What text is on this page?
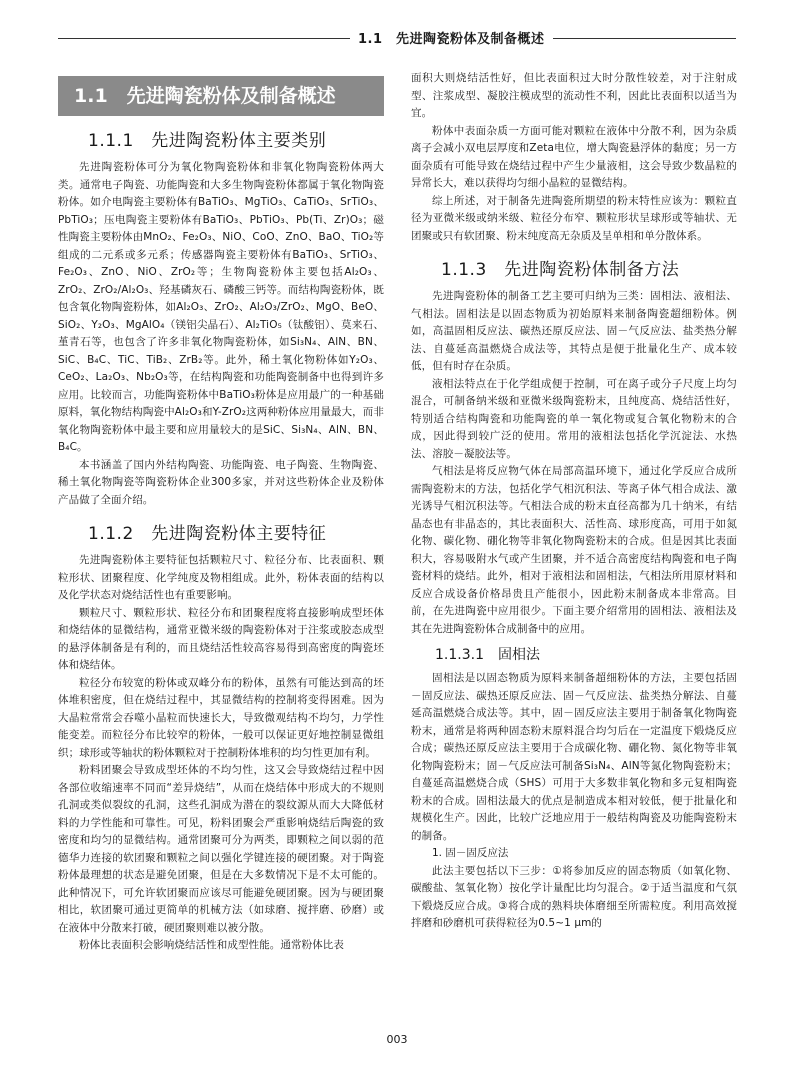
1.1　先进陶瓷粉体及制备概述
1.1　先进陶瓷粉体及制备概述
1.1.1　先进陶瓷粉体主要类别

先进陶瓷粉体可分为氧化物陶瓷粉体和非氧化物陶瓷粉体两大类。通常电子陶瓷、功能陶瓷和大多生物陶瓷粉体都属于氧化物陶瓷粉体。如介电陶瓷主要粉体有BaTiO₃、MgTiO₃、CaTiO₃、SrTiO₃、PbTiO₃；压电陶瓷主要粉体有BaTiO₃、PbTiO₃、Pb(Ti、Zr)O₃；磁性陶瓷主要粉体由MnO₂、Fe₂O₃、NiO、CoO、ZnO、BaO、TiO₂等组成的二元系或多元系；传感器陶瓷主要粉体有BaTiO₃、SrTiO₃、Fe₂O₃、ZnO、NiO、ZrO₂等；生物陶瓷粉体主要包括Al₂O₃、ZrO₂、ZrO₂/Al₂O₃、羟基磷灰石、磷酸三钙等。而结构陶瓷粉体，既包含氧化物陶瓷粉体，如Al₂O₃、ZrO₂、Al₂O₃/ZrO₂、MgO、BeO、SiO₂、Y₂O₃、MgAlO₄（镁铝尖晶石）、Al₂TiO₅（钛酸铝）、莫来石、堇青石等，也包含了许多非氧化物陶瓷粉体，如Si₃N₄、AlN、BN、SiC、B₄C、TiC、TiB₂、ZrB₂等。此外，稀土氧化物粉体如Y₂O₃、CeO₂、La₂O₃、Nb₂O₃等，在结构陶瓷和功能陶瓷制备中也得到许多应用。比较而言，功能陶瓷粉体中BaTiO₃粉体是应用最广的一种基础原料，氧化物结构陶瓷中Al₂O₃和Y-ZrO₂这两种粉体应用量最大，而非氧化物陶瓷粉体中最主要和应用量较大的是SiC、Si₃N₄、AlN、BN、B₄C。

本书涵盖了国内外结构陶瓷、功能陶瓷、电子陶瓷、生物陶瓷、稀土氧化物陶瓷等陶瓷粉体企业300多家，并对这些粉体企业及粉体产品做了全面介绍。

1.1.2　先进陶瓷粉体主要特征

先进陶瓷粉体主要特征包括颗粒尺寸、粒径分布、比表面积、颗粒形状、团聚程度、化学纯度及物相组成。此外，粉体表面的结构以及化学状态对烧结活性也有重要影响。

颗粒尺寸、颗粒形状、粒径分布和团聚程度将直接影响成型坯体和烧结体的显微结构，通常亚微米级的陶瓷粉体对于注浆或胶态成型的悬浮体制备是有利的，而且烧结活性较高容易得到高密度的陶瓷坯体和烧结体。

粒径分布较宽的粉体或双峰分布的粉体，虽然有可能达到高的坯体堆积密度，但在烧结过程中，其显微结构的控制将变得困难。因为大晶粒常常会吞噬小晶粒而快速长大，导致微观结构不均匀，力学性能变差。而粒径分布比较窄的粉体，一般可以保证更好地控制显微组织；球形或等轴状的粉体颗粒对于控制粉体堆积的均匀性更加有利。

粉料团聚会导致成型坯体的不均匀性，这又会导致烧结过程中因各部位收缩速率不同而“差异烧结”，从而在烧结体中形成大的不规则孔洞或类似裂纹的孔洞，这些孔洞成为潜在的裂纹源从而大大降低材料的力学性能和可靠性。可见，粉料团聚会严重影响烧结后陶瓷的致密度和均匀的显微结构。通常团聚可分为两类，即颗粒之间以弱的范德华力连接的软团聚和颗粒之间以强化学键连接的硬团聚。对于陶瓷粉体最理想的状态是避免团聚，但是在大多数情况下是不太可能的。此种情况下，可允许软团聚而应该尽可能避免硬团聚。因为与硬团聚相比，软团聚可通过更简单的机械方法（如球磨、搅拌磨、砂磨）或在液体中分散来打破，硬团聚则难以被分散。

粉体比表面积会影响烧结活性和成型性能。通常粉体比表

面积大则烧结活性好，但比表面积过大时分散性较差，对于注射成型、注浆成型、凝胶注模成型的流动性不利，因此比表面积以适当为宜。

粉体中表面杂质一方面可能对颗粒在液体中分散不利，因为杂质离子会减小双电层厚度和Zeta电位，增大陶瓷悬浮体的黏度；另一方面杂质有可能导致在烧结过程中产生少量液相，这会导致少数晶粒的异常长大，难以获得均匀细小晶粒的显微结构。

综上所述，对于制备先进陶瓷所期望的粉末特性应该为：颗粒直径为亚微米级或纳米级、粒径分布窄、颗粒形状呈球形或等轴状、无团聚或只有软团聚、粉末纯度高无杂质及呈单相和单分散体系。

1.1.3　先进陶瓷粉体制备方法

先进陶瓷粉体的制备工艺主要可归纳为三类：固相法、液相法、气相法。固相法是以固态物质为初始原料来制备陶瓷超细粉体。例如，高温固相反应法、碳热还原反应法、固－气反应法、盐类热分解法、自蔓延高温燃烧合成法等，其特点是便于批量化生产、成本较低，但有时存在杂质。

液相法特点在于化学组成便于控制，可在离子或分子尺度上均匀混合，可制备纳米级和亚微米级陶瓷粉末，且纯度高、烧结活性好，特别适合结构陶瓷和功能陶瓷的单一氧化物或复合氧化物粉末的合成，因此得到较广泛的使用。常用的液相法包括化学沉淀法、水热法、溶胶－凝胶法等。

气相法是将反应物气体在局部高温环境下，通过化学反应合成所需陶瓷粉末的方法，包括化学气相沉积法、等离子体气相合成法、激光诱导气相沉积法等。气相法合成的粉末直径高都为几十纳米，有结晶态也有非晶态的，其比表面积大、活性高、球形度高，可用于如氮化物、碳化物、硼化物等非氧化物陶瓷粉末的合成。但是因其比表面积大，容易吸附水气或产生团聚，并不适合高密度结构陶瓷和电子陶瓷材料的烧结。此外，相对于液相法和固相法，气相法所用原材料和反应合成设备价格昂贵且产能很小，因此粉末制备成本非常高。目前，在先进陶瓷中应用很少。下面主要介绍常用的固相法、液相法及其在先进陶瓷粉体合成制备中的应用。

1.1.3.1　固相法

固相法是以固态物质为原料来制备超细粉体的方法，主要包括固－固反应法、碳热还原反应法、固－气反应法、盐类热分解法、自蔓延高温燃烧合成法等。其中，固－固反应法主要用于制备氧化物陶瓷粉末，通常是将两种固态粉末原料混合均匀后在一定温度下煅烧反应合成；碳热还原反应法主要用于合成碳化物、硼化物、氮化物等非氧化物陶瓷粉末；固－气反应法可制备Si₃N₄、AlN等氮化物陶瓷粉末；自蔓延高温燃烧合成（SHS）可用于大多数非氧化物和多元复相陶瓷粉末的合成。固相法最大的优点是制造成本相对较低，便于批量化和规模化生产。因此，比较广泛地应用于一般结构陶瓷及功能陶瓷粉末的制备。

1. 固－固反应法

此法主要包括以下三步：①将参加反应的固态物质（如氧化物、碳酸盐、氢氧化物）按化学计量配比均匀混合。②于适当温度和气氛下煅烧反应合成。③将合成的熟料块体磨细至所需粒度。利用高效搅拌磨和砂磨机可获得粒径为0.5~1 μm的

003
